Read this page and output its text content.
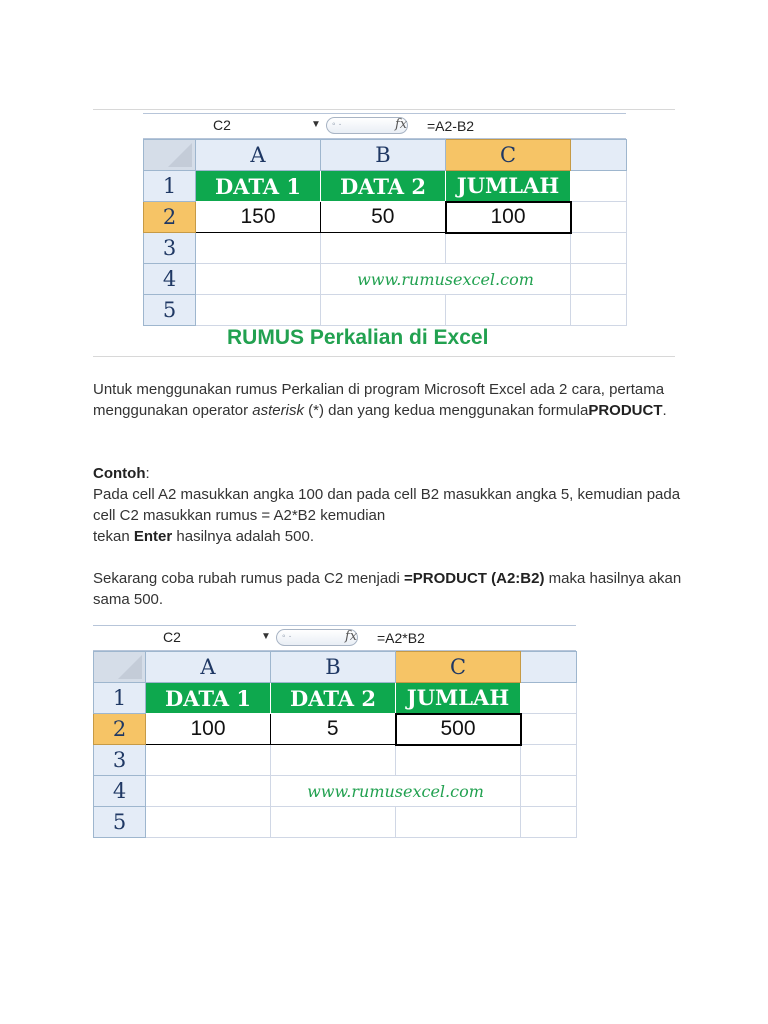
C2	▼ ◦ ·	fx =A2-B2
	A	B	C	
1	DATA 1	DATA 2	JUMLAH	
2	150	50	100	
3				
4		www.rumusexcel.com		
5				
RUMUS Perkalian di Excel

Untuk menggunakan rumus Perkalian di program Microsoft Excel ada 2 cara, pertama menggunakan operator asterisk (*) dan yang kedua menggunakan formulaPRODUCT.

Contoh:
Pada cell A2 masukkan angka 100 dan pada cell B2 masukkan angka 5, kemudian pada cell C2 masukkan rumus = A2*B2 kemudian
tekan Enter hasilnya adalah 500.

Sekarang coba rubah rumus pada C2 menjadi =PRODUCT (A2:B2) maka hasilnya akan sama 500.

C2	▼ ◦ ·	fx =A2*B2
	A	B	C	
1	DATA 1	DATA 2	JUMLAH	
2	100	5	500	
3				
4		www.rumusexcel.com		
5				
